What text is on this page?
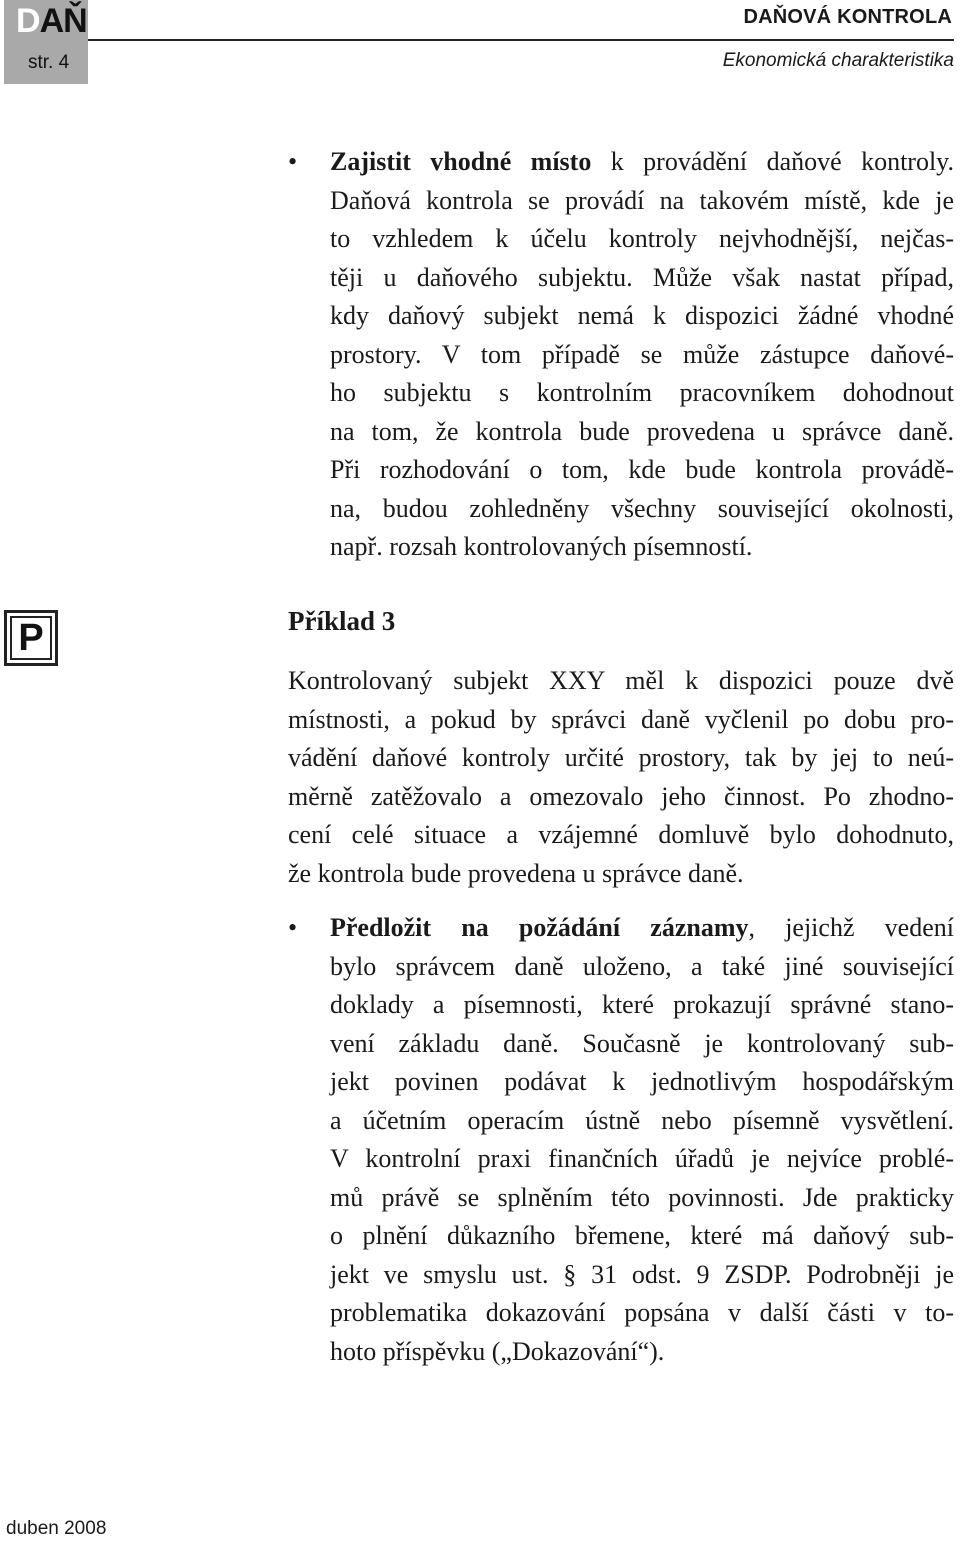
DAŇ
str. 4
DAŇOVÁ KONTROLA
Ekonomická charakteristika
• Zajistit vhodné místo k provádění daňové kontroly.
Daňová kontrola se provádí na takovém místě, kde je
to vzhledem k účelu kontroly nejvhodnější, nejčas-
těji u daňového subjektu. Může však nastat případ,
kdy daňový subjekt nemá k dispozici žádné vhodné
prostory. V tom případě se může zástupce daňové-
ho subjektu s kontrolním pracovníkem dohodnout
na tom, že kontrola bude provedena u správce daně.
Při rozhodování o tom, kde bude kontrola provádě-
na, budou zohledněny všechny související okolnosti,
např. rozsah kontrolovaných písemností.
P	Příklad 3
Kontrolovaný subjekt XXY měl k dispozici pouze dvě
místnosti, a pokud by správci daně vyčlenil po dobu pro-
vádění daňové kontroly určité prostory, tak by jej to neú-
měrně zatěžovalo a omezovalo jeho činnost. Po zhodno-
cení celé situace a vzájemné domluvě bylo dohodnuto,
že kontrola bude provedena u správce daně.
• Předložit na požádání záznamy, jejichž vedení
bylo správcem daně uloženo, a také jiné související
doklady a písemnosti, které prokazují správné stano-
vení základu daně. Současně je kontrolovaný sub-
jekt povinen podávat k jednotlivým hospodářským
a účetním operacím ústně nebo písemně vysvětlení.
V kontrolní praxi finančních úřadů je nejvíce problé-
mů právě se splněním této povinnosti. Jde prakticky
o plnění důkazního břemene, které má daňový sub-
jekt ve smyslu ust. § 31 odst. 9 ZSDP. Podrobněji je
problematika dokazování popsána v další části v to-
hoto příspěvku („Dokazování“).
duben 2008
